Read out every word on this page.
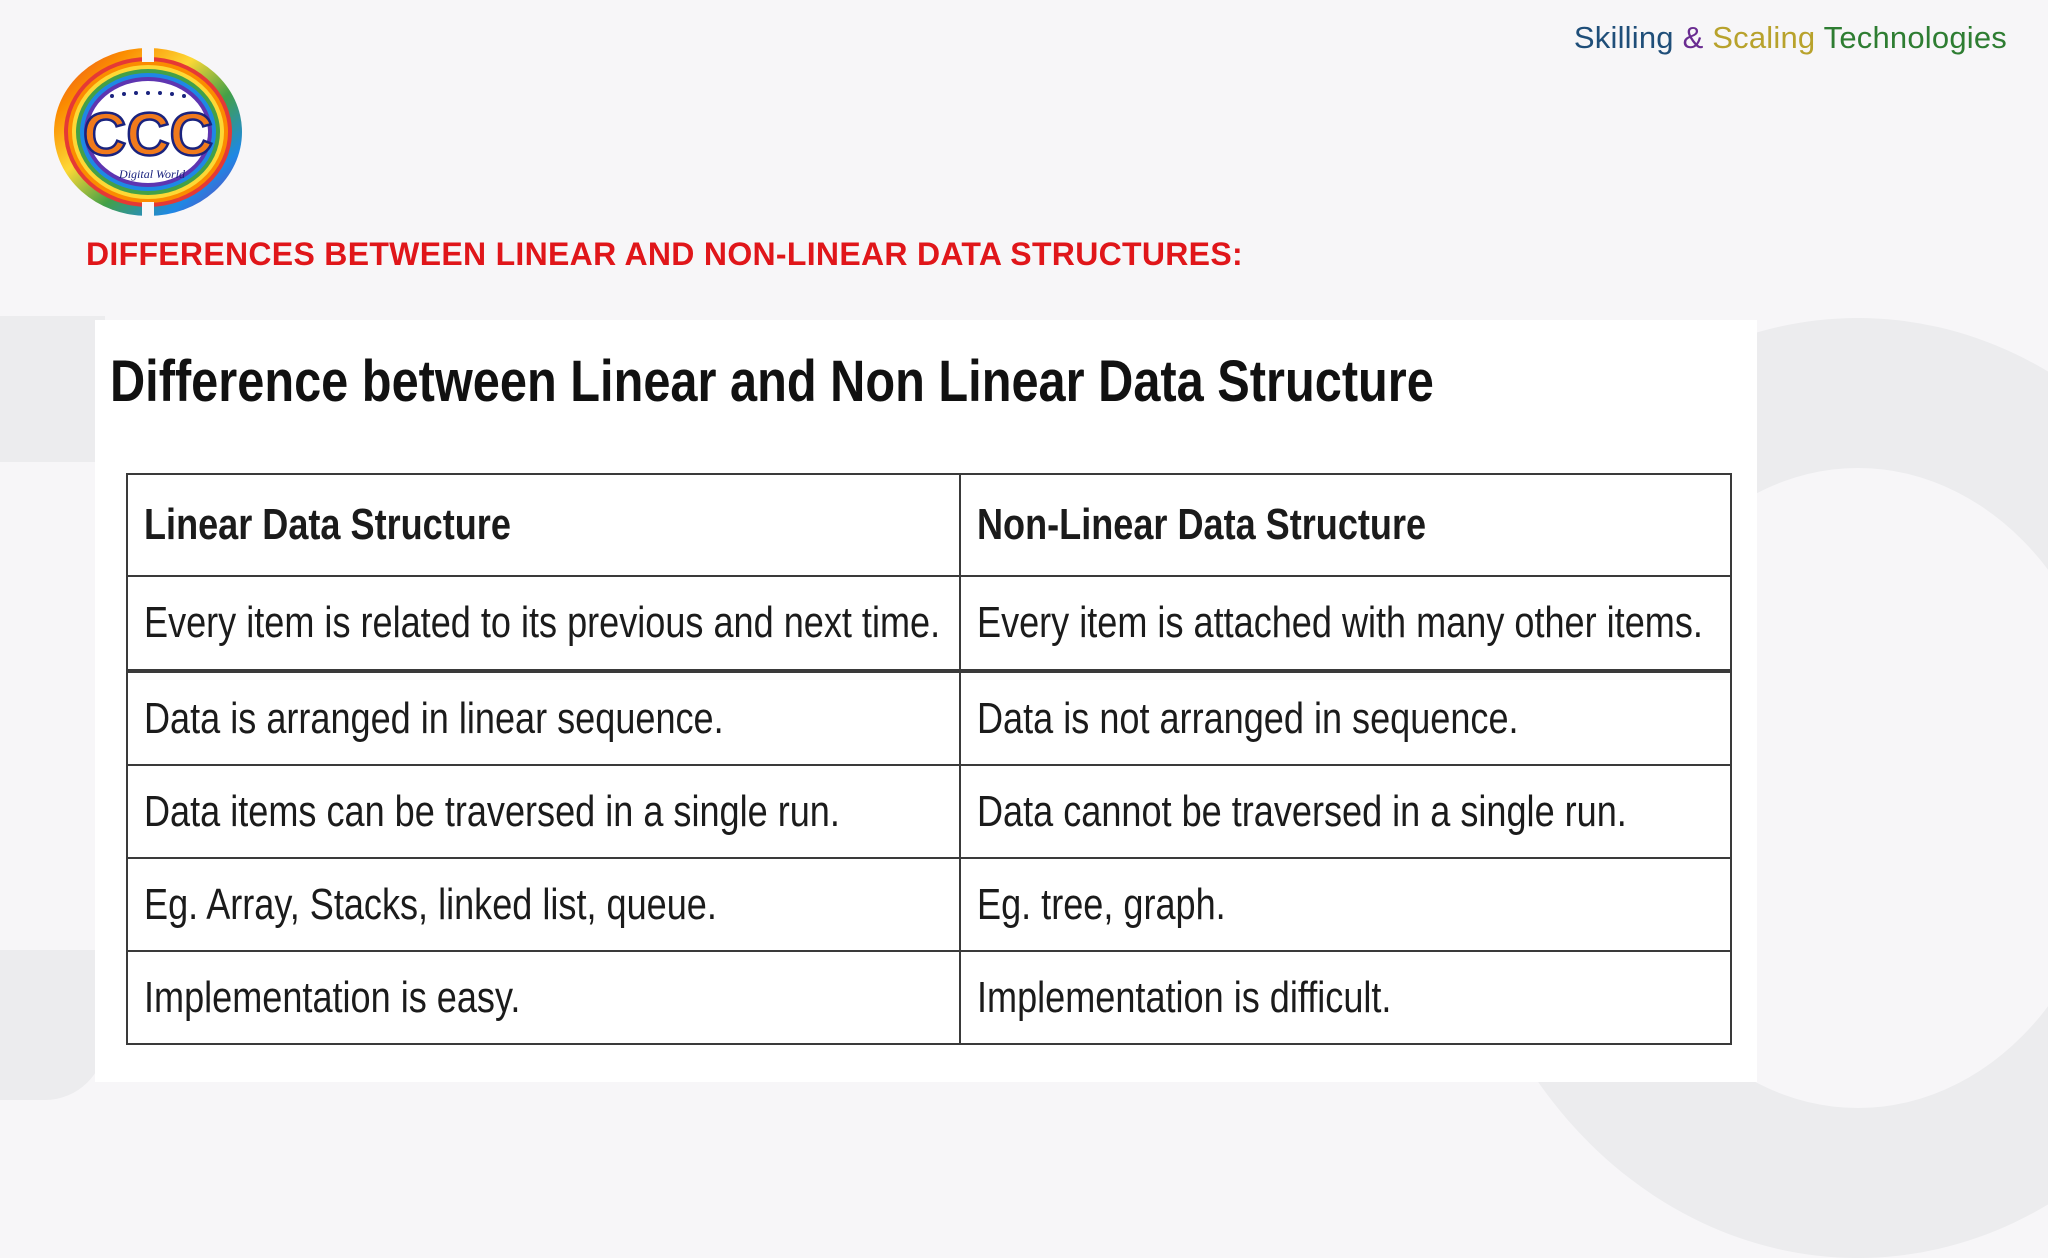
Skilling & Scaling Technologies
CCC
Digital World
DIFFERENCES BETWEEN LINEAR AND NON-LINEAR DATA STRUCTURES:
Difference between Linear and Non Linear Data Structure
Linear Data Structure	Non-Linear Data Structure
Every item is related to its previous and next time.	Every item is attached with many other items.
Data is arranged in linear sequence.	Data is not arranged in sequence.
Data items can be traversed in a single run.	Data cannot be traversed in a single run.
Eg. Array, Stacks, linked list, queue.	Eg. tree, graph.
Implementation is easy.	Implementation is difficult.
